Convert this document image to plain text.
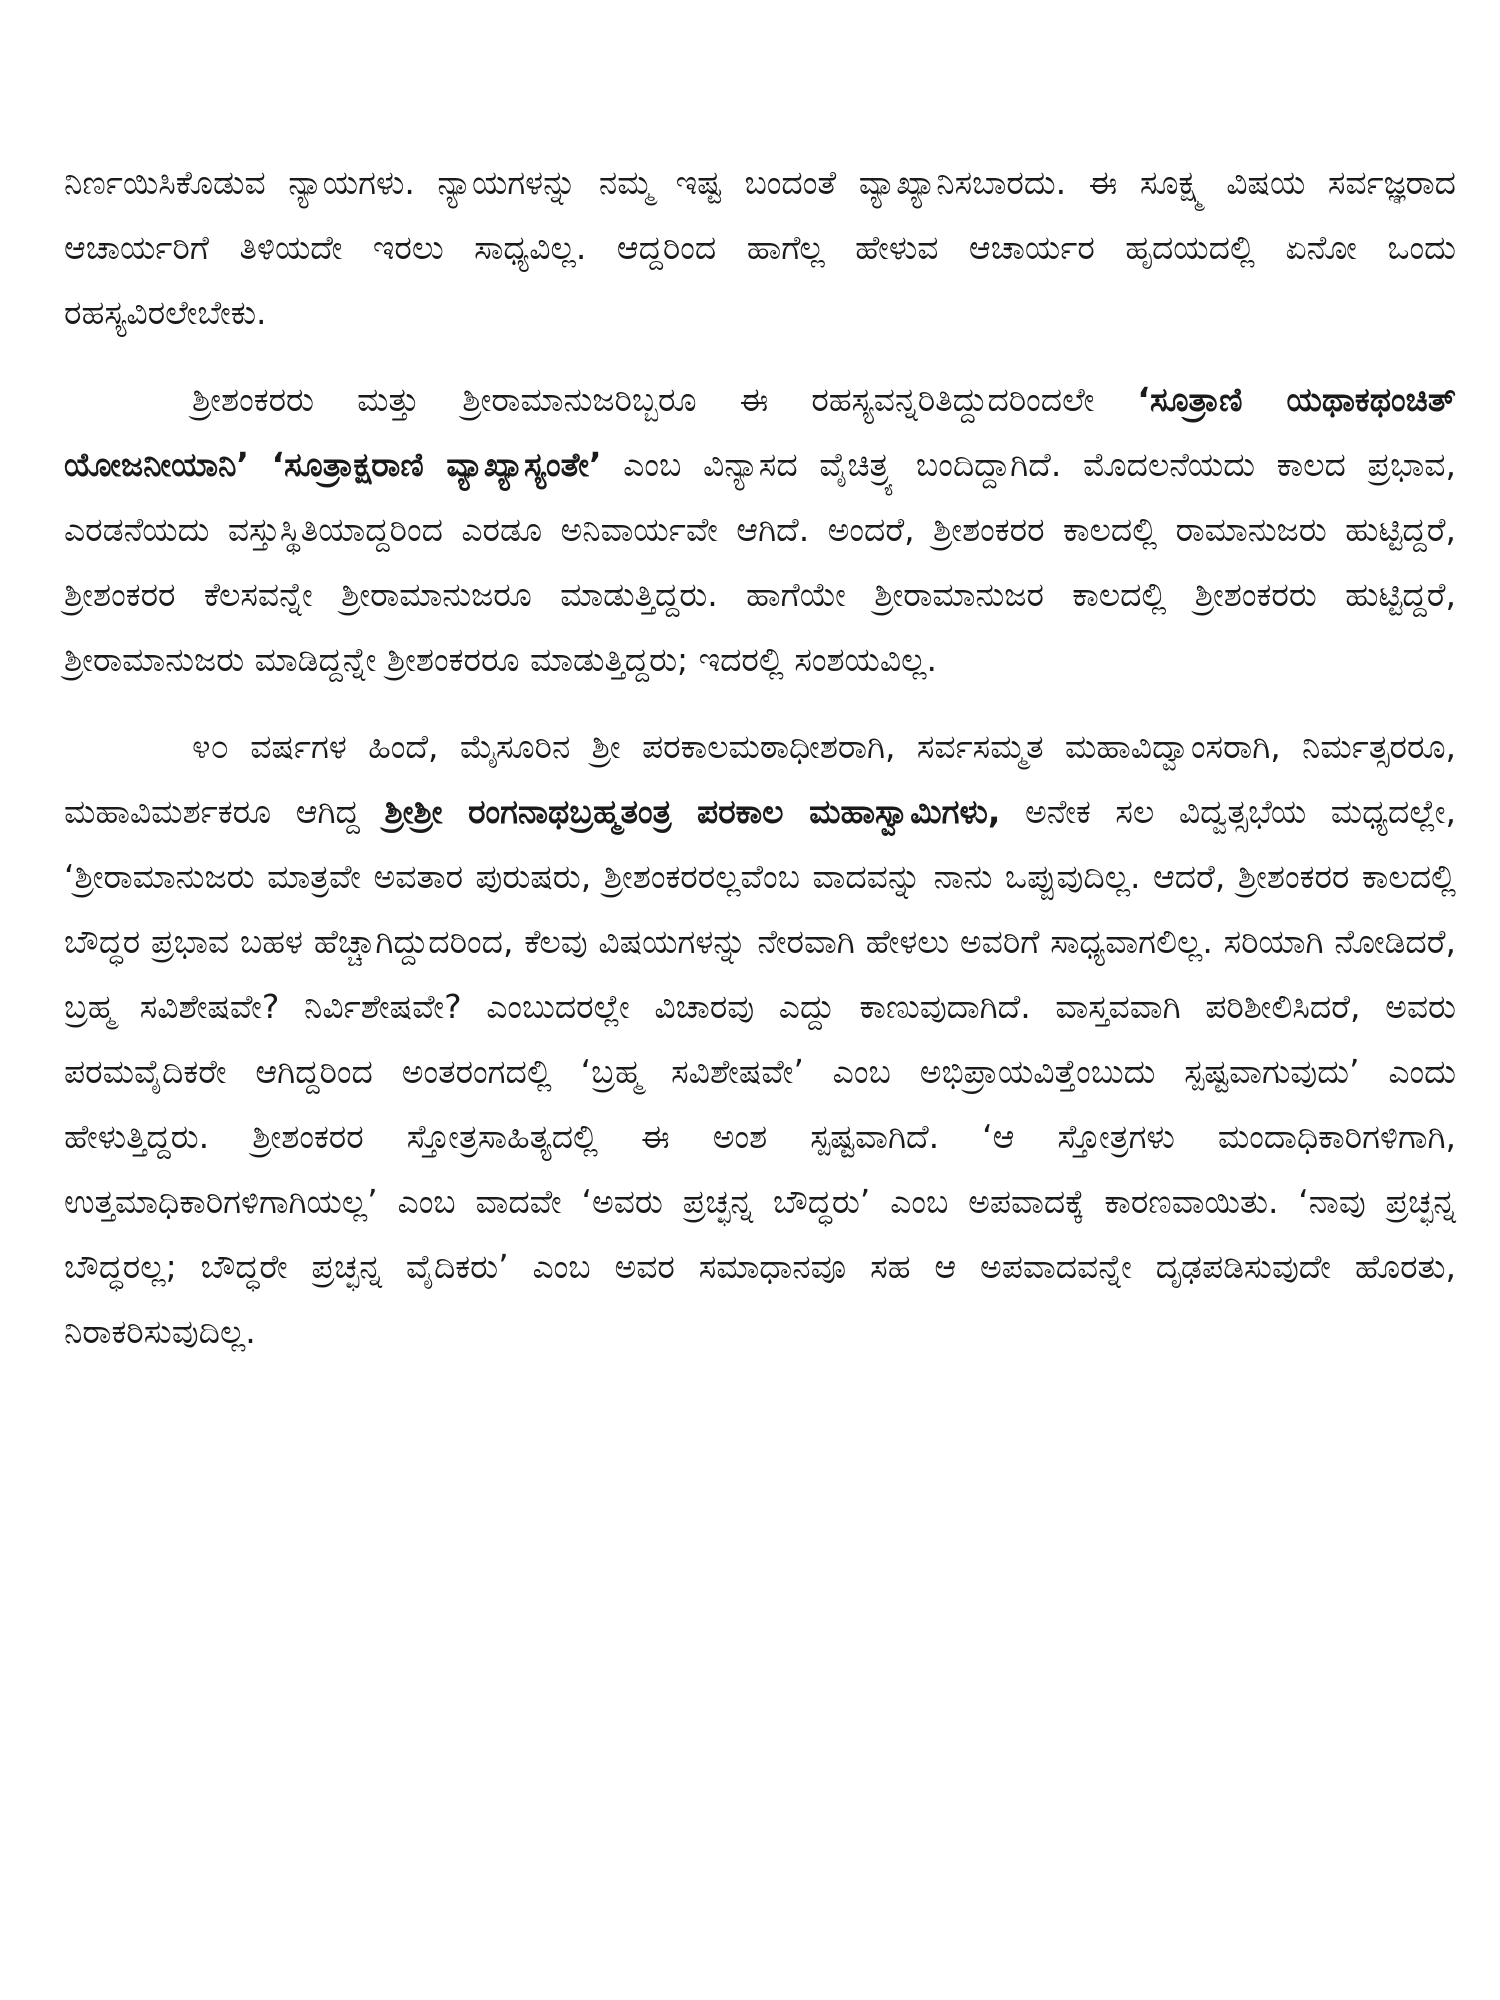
ನಿರ್ಣಯಿಸಿಕೊಡುವ ನ್ಯಾಯಗಳು. ನ್ಯಾಯಗಳನ್ನು ನಮ್ಮ ಇಷ್ಟ ಬಂದಂತೆ ವ್ಯಾಖ್ಯಾನಿಸಬಾರದು. ಈ ಸೂಕ್ಷ್ಮ ವಿಷಯ ಸರ್ವಜ್ಞರಾದ ಆಚಾರ್ಯರಿಗೆ ತಿಳಿಯದೇ ಇರಲು ಸಾಧ್ಯವಿಲ್ಲ. ಆದ್ದರಿಂದ ಹಾಗೆಲ್ಲ ಹೇಳುವ ಆಚಾರ್ಯರ ಹೃದಯದಲ್ಲಿ ಏನೋ ಒಂದು ರಹಸ್ಯವಿರಲೇಬೇಕು.

ಶ್ರೀಶಂಕರರು ಮತ್ತು ಶ್ರೀರಾಮಾನುಜರಿಬ್ಬರೂ ಈ ರಹಸ್ಯವನ್ನರಿತಿದ್ದುದರಿಂದಲೇ ‘ಸೂತ್ರಾಣಿ ಯಥಾಕಥಂಚಿತ್ ಯೋಜನೀಯಾನಿ’ ‘ಸೂತ್ರಾಕ್ಷರಾಣಿ ವ್ಯಾಖ್ಯಾಸ್ಯಂತೇ’ ಎಂಬ ವಿನ್ಯಾಸದ ವೈಚಿತ್ರ್ಯ ಬಂದಿದ್ದಾಗಿದೆ. ಮೊದಲನೆಯದು ಕಾಲದ ಪ್ರಭಾವ, ಎರಡನೆಯದು ವಸ್ತುಸ್ಥಿತಿಯಾದ್ದರಿಂದ ಎರಡೂ ಅನಿವಾರ್ಯವೇ ಆಗಿದೆ. ಅಂದರೆ, ಶ್ರೀಶಂಕರರ ಕಾಲದಲ್ಲಿ ರಾಮಾನುಜರು ಹುಟ್ಟಿದ್ದರೆ, ಶ್ರೀಶಂಕರರ ಕೆಲಸವನ್ನೇ ಶ್ರೀರಾಮಾನುಜರೂ ಮಾಡುತ್ತಿದ್ದರು. ಹಾಗೆಯೇ ಶ್ರೀರಾಮಾನುಜರ ಕಾಲದಲ್ಲಿ ಶ್ರೀಶಂಕರರು ಹುಟ್ಟಿದ್ದರೆ, ಶ್ರೀರಾಮಾನುಜರು ಮಾಡಿದ್ದನ್ನೇ ಶ್ರೀಶಂಕರರೂ ಮಾಡುತ್ತಿದ್ದರು; ಇದರಲ್ಲಿ ಸಂಶಯವಿಲ್ಲ.

೪೦ ವರ್ಷಗಳ ಹಿಂದೆ, ಮೈಸೂರಿನ ಶ್ರೀ ಪರಕಾಲಮಠಾಧೀಶರಾಗಿ, ಸರ್ವಸಮ್ಮತ ಮಹಾವಿದ್ವಾಂಸರಾಗಿ, ನಿರ್ಮತ್ಸರರೂ, ಮಹಾವಿಮರ್ಶಕರೂ ಆಗಿದ್ದ ಶ್ರೀಶ್ರೀ ರಂಗನಾಥಬ್ರಹ್ಮತಂತ್ರ ಪರಕಾಲ ಮಹಾಸ್ವಾಮಿಗಳು, ಅನೇಕ ಸಲ ವಿದ್ವತ್ಸಭೆಯ ಮಧ್ಯದಲ್ಲೇ, ‘ಶ್ರೀರಾಮಾನುಜರು ಮಾತ್ರವೇ ಅವತಾರ ಪುರುಷರು, ಶ್ರೀಶಂಕರರಲ್ಲವೆಂಬ ವಾದವನ್ನು ನಾನು ಒಪ್ಪುವುದಿಲ್ಲ. ಆದರೆ, ಶ್ರೀಶಂಕರರ ಕಾಲದಲ್ಲಿ ಬೌದ್ಧರ ಪ್ರಭಾವ ಬಹಳ ಹೆಚ್ಚಾಗಿದ್ದುದರಿಂದ, ಕೆಲವು ವಿಷಯಗಳನ್ನು ನೇರವಾಗಿ ಹೇಳಲು ಅವರಿಗೆ ಸಾಧ್ಯವಾಗಲಿಲ್ಲ. ಸರಿಯಾಗಿ ನೋಡಿದರೆ, ಬ್ರಹ್ಮ ಸವಿಶೇಷವೇ? ನಿರ್ವಿಶೇಷವೇ? ಎಂಬುದರಲ್ಲೇ ವಿಚಾರವು ಎದ್ದು ಕಾಣುವುದಾಗಿದೆ. ವಾಸ್ತವವಾಗಿ ಪರಿಶೀಲಿಸಿದರೆ, ಅವರು ಪರಮವೈದಿಕರೇ ಆಗಿದ್ದರಿಂದ ಅಂತರಂಗದಲ್ಲಿ ‘ಬ್ರಹ್ಮ ಸವಿಶೇಷವೇ’ ಎಂಬ ಅಭಿಪ್ರಾಯವಿತ್ತೆಂಬುದು ಸ್ಪಷ್ಟವಾಗುವುದು’ ಎಂದು ಹೇಳುತ್ತಿದ್ದರು. ಶ್ರೀಶಂಕರರ ಸ್ತೋತ್ರಸಾಹಿತ್ಯದಲ್ಲಿ ಈ ಅಂಶ ಸ್ಪಷ್ಟವಾಗಿದೆ. ‘ಆ ಸ್ತೋತ್ರಗಳು ಮಂದಾಧಿಕಾರಿಗಳಿಗಾಗಿ, ಉತ್ತಮಾಧಿಕಾರಿಗಳಿಗಾಗಿಯಲ್ಲ’ ಎಂಬ ವಾದವೇ ‘ಅವರು ಪ್ರಚ್ಛನ್ನ ಬೌದ್ಧರು’ ಎಂಬ ಅಪವಾದಕ್ಕೆ ಕಾರಣವಾಯಿತು. ‘ನಾವು ಪ್ರಚ್ಛನ್ನ ಬೌದ್ಧರಲ್ಲ; ಬೌದ್ಧರೇ ಪ್ರಚ್ಛನ್ನ ವೈದಿಕರು’ ಎಂಬ ಅವರ ಸಮಾಧಾನವೂ ಸಹ ಆ ಅಪವಾದವನ್ನೇ ದೃಢಪಡಿಸುವುದೇ ಹೊರತು, ನಿರಾಕರಿಸುವುದಿಲ್ಲ.
